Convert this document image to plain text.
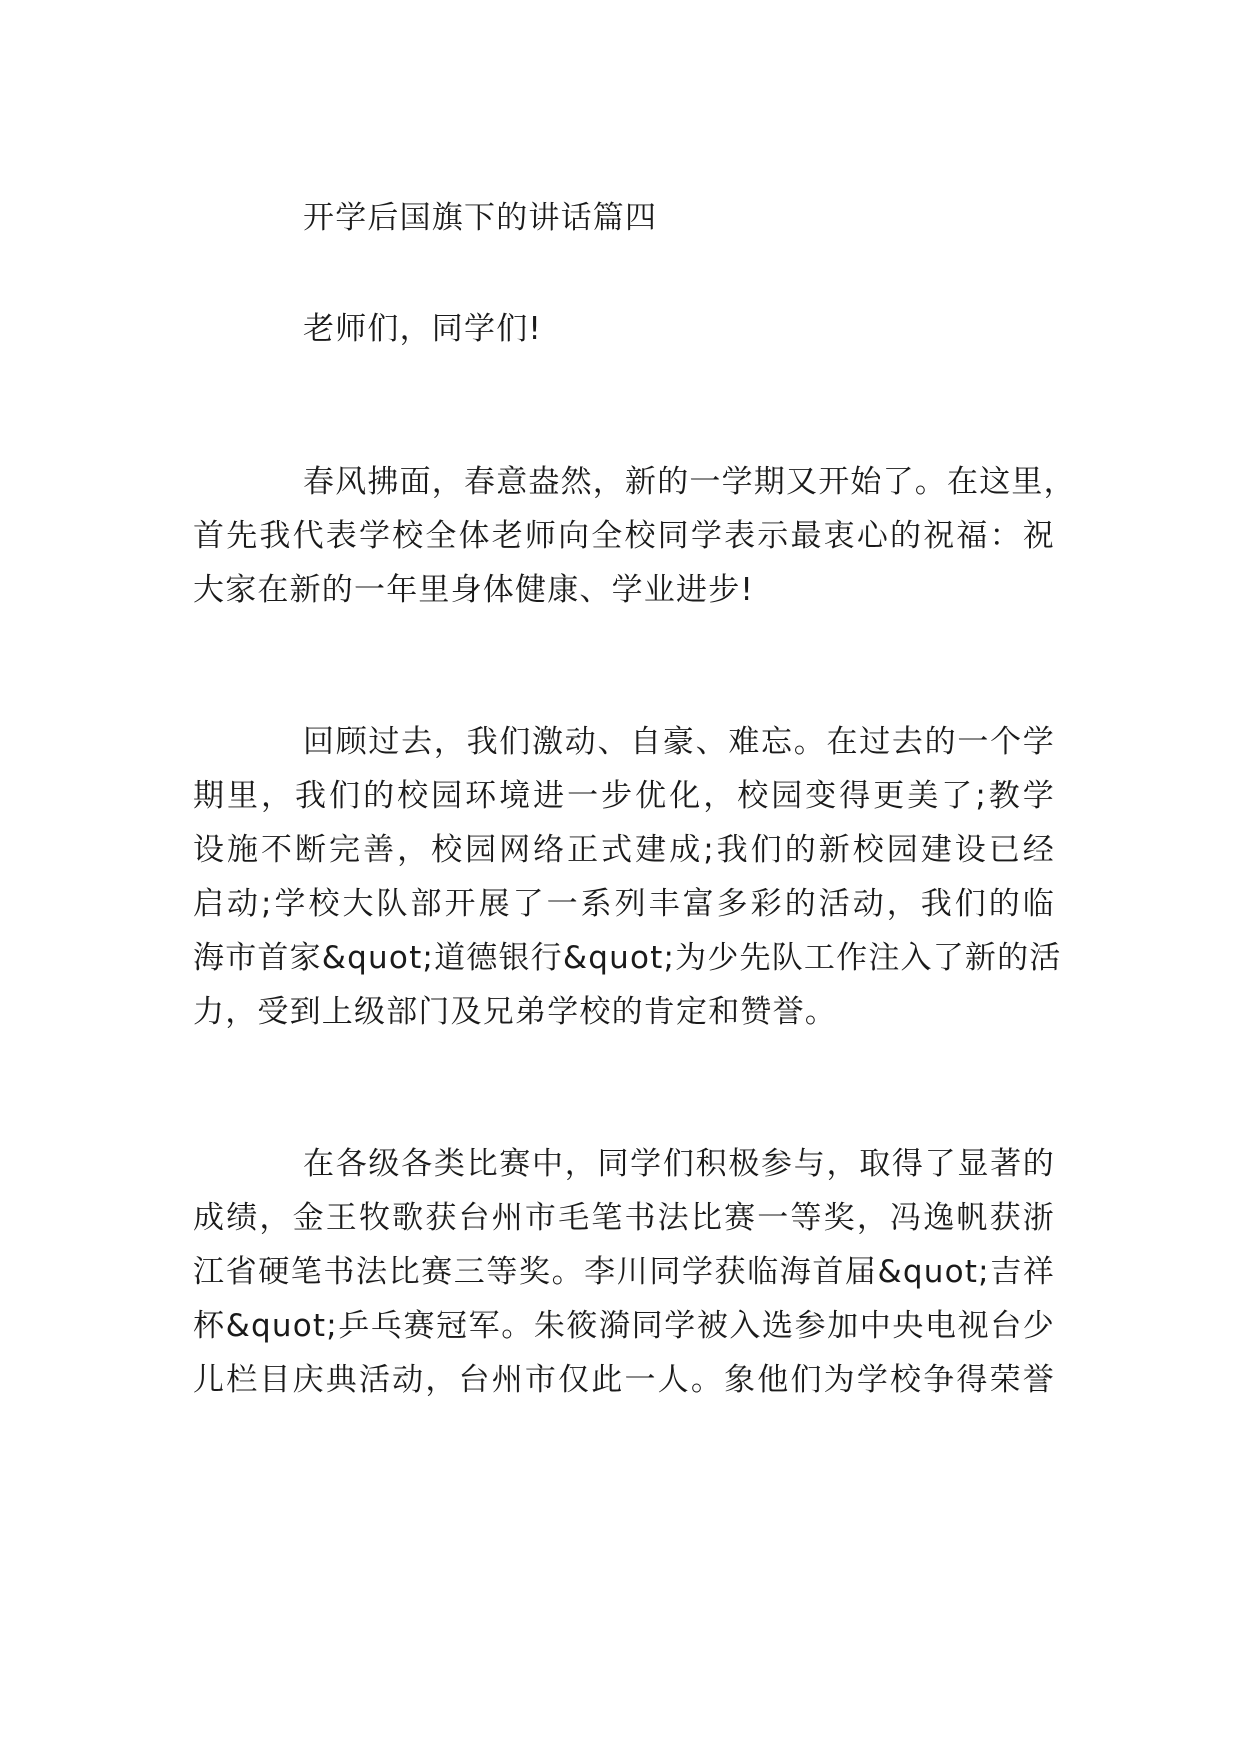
开学后国旗下的讲话篇四
老师们，同学们!
春风拂面，春意盎然，新的一学期又开始了。在这里，
首先我代表学校全体老师向全校同学表示最衷心的祝福：祝
大家在新的一年里身体健康、学业进步!
回顾过去，我们激动、自豪、难忘。在过去的一个学
期里，我们的校园环境进一步优化，校园变得更美了;教学
设施不断完善，校园网络正式建成;我们的新校园建设已经
启动;学校大队部开展了一系列丰富多彩的活动，我们的临
海市首家&quot;道德银行&quot;为少先队工作注入了新的活
力，受到上级部门及兄弟学校的肯定和赞誉。
在各级各类比赛中，同学们积极参与，取得了显著的
成绩，金王牧歌获台州市毛笔书法比赛一等奖，冯逸帆获浙
江省硬笔书法比赛三等奖。李川同学获临海首届&quot;吉祥
杯&quot;乒乓赛冠军。朱筱漪同学被入选参加中央电视台少
儿栏目庆典活动，台州市仅此一人。象他们为学校争得荣誉
